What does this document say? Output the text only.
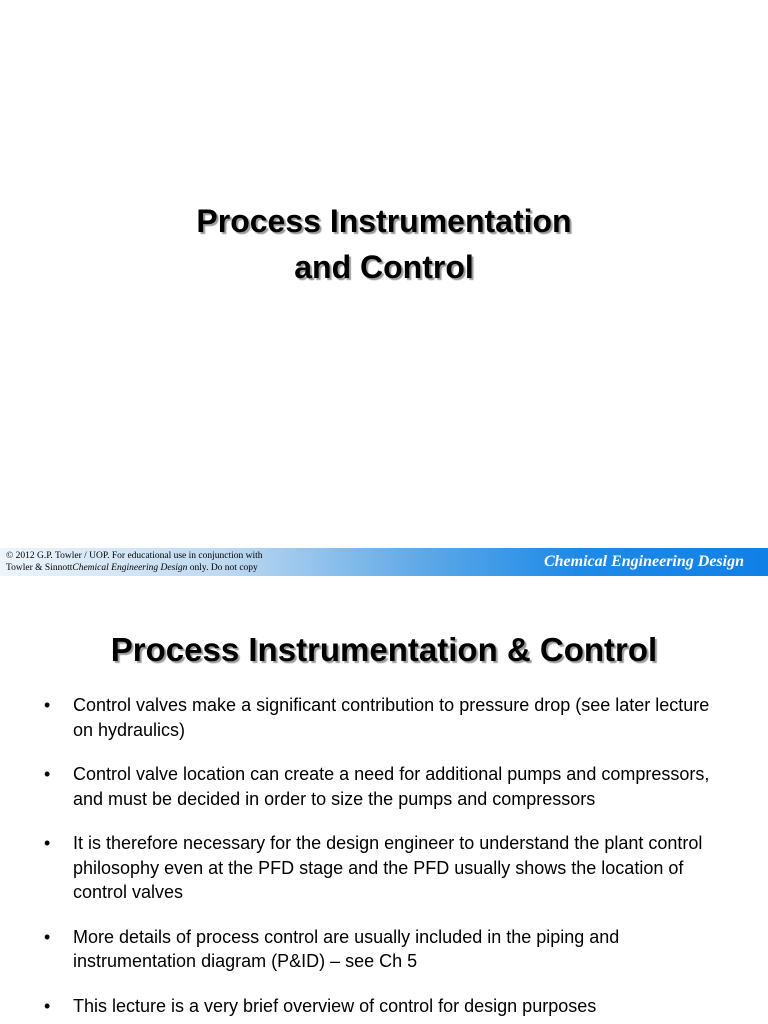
Process Instrumentation
and Control
© 2012 G.P. Towler / UOP. For educational use in conjunction with
Towler & SinnottChemical Engineering Design only. Do not copy	Chemical Engineering Design
Process Instrumentation & Control
• Control valves make a significant contribution to pressure drop (see later lecture on hydraulics)
• Control valve location can create a need for additional pumps and compressors, and must be decided in order to size the pumps and compressors
• It is therefore necessary for the design engineer to understand the plant control philosophy even at the PFD stage and the PFD usually shows the location of control valves
• More details of process control are usually included in the piping and instrumentation diagram (P&ID) – see Ch 5
• This lecture is a very brief overview of control for design purposes
